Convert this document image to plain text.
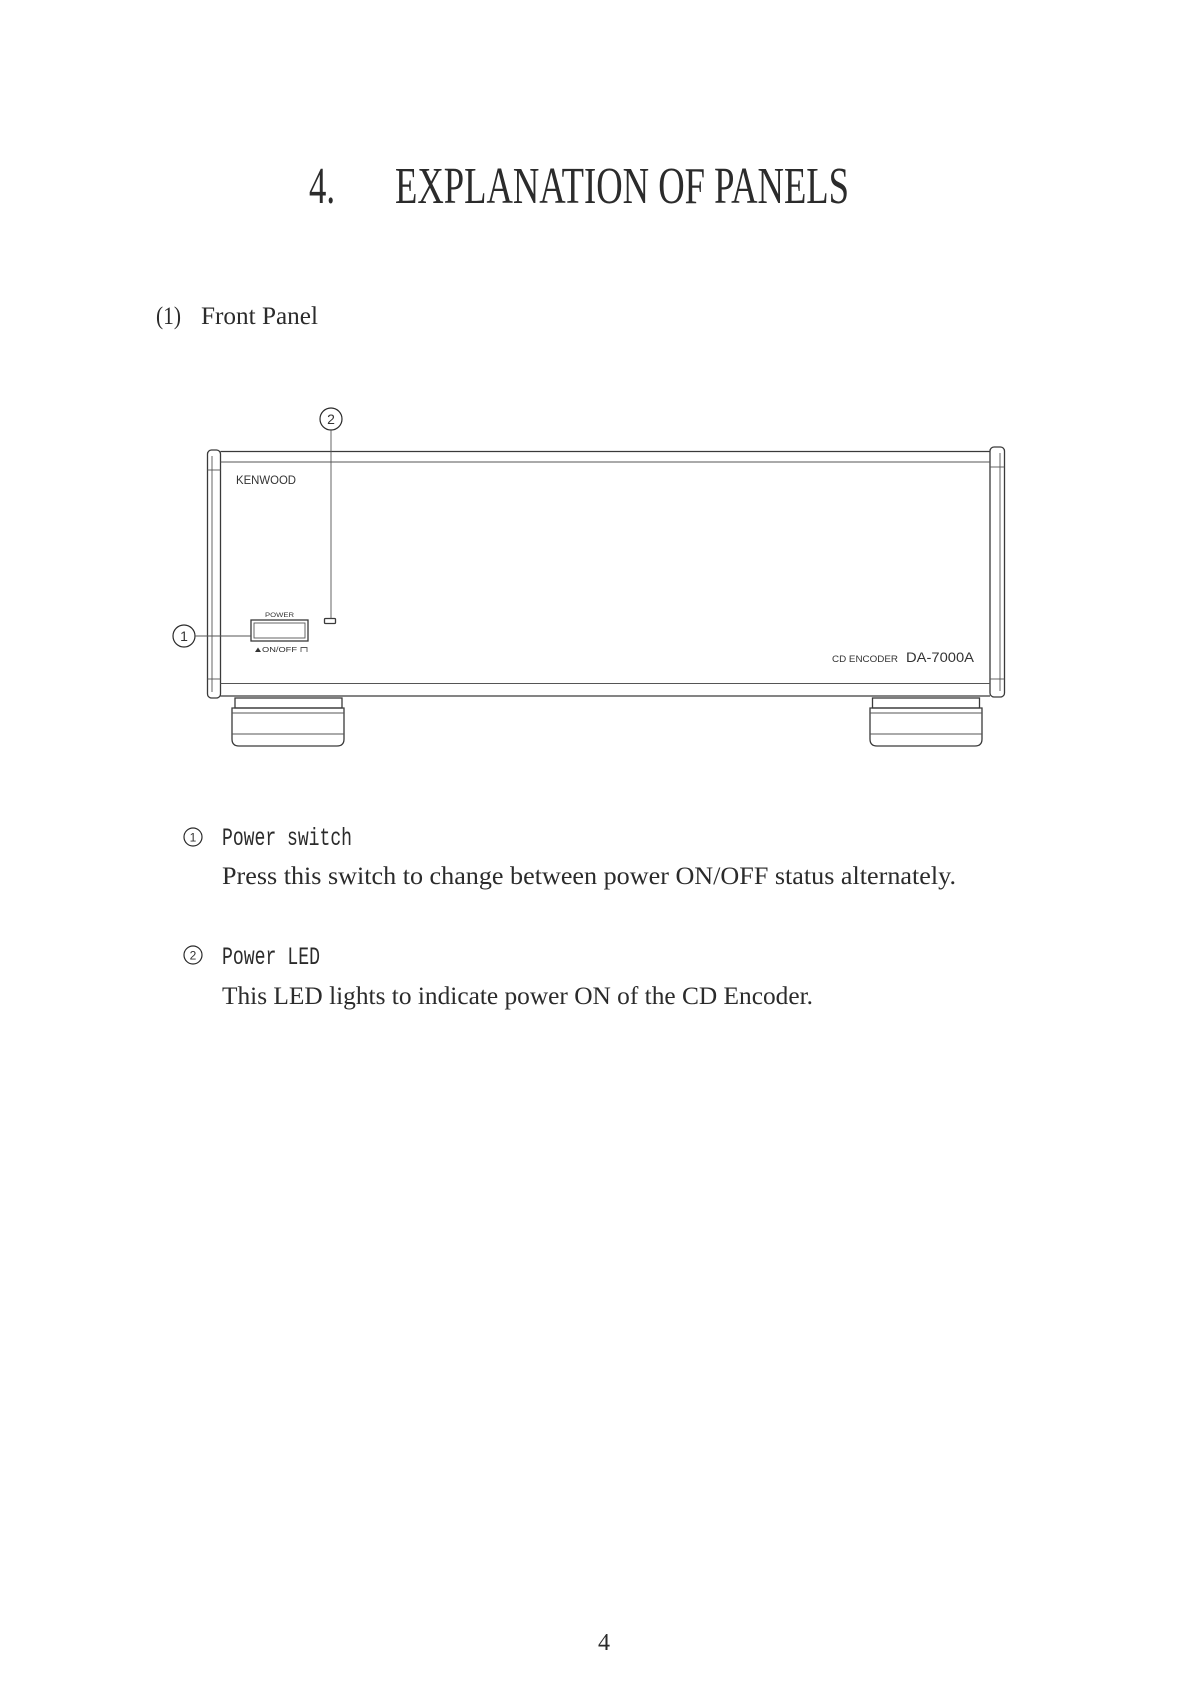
4. EXPLANATION OF PANELS
(1) Front Panel
KENWOOD
POWER
ON/OFF
CD ENCODER DA-7000A
2
1
1 Power switch
Press this switch to change between power ON/OFF status alternately.
2 Power LED
This LED lights to indicate power ON of the CD Encoder.
4
